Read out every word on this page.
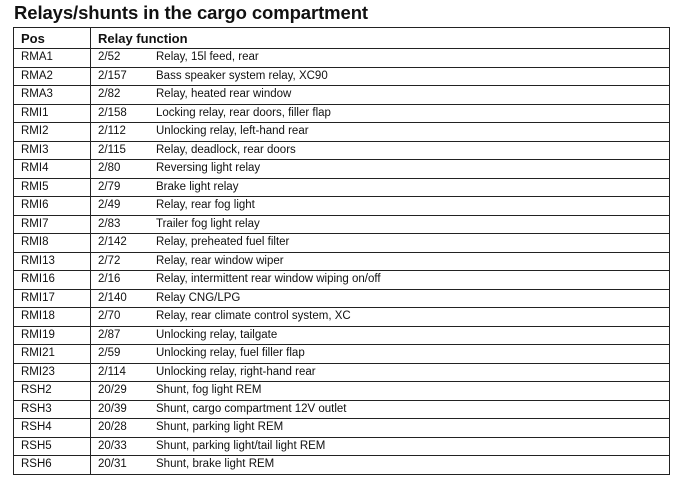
Relays/shunts in the cargo compartment
Pos	Relay function
RMA1	2/52 Relay, 15l feed, rear
RMA2	2/157 Bass speaker system relay, XC90
RMA3	2/82 Relay, heated rear window
RMI1	2/158 Locking relay, rear doors, filler flap
RMI2	2/112 Unlocking relay, left-hand rear
RMI3	2/115 Relay, deadlock, rear doors
RMI4	2/80 Reversing light relay
RMI5	2/79 Brake light relay
RMI6	2/49 Relay, rear fog light
RMI7	2/83 Trailer fog light relay
RMI8	2/142 Relay, preheated fuel filter
RMI13	2/72 Relay, rear window wiper
RMI16	2/16 Relay, intermittent rear window wiping on/off
RMI17	2/140 Relay CNG/LPG
RMI18	2/70 Relay, rear climate control system, XC
RMI19	2/87 Unlocking relay, tailgate
RMI21	2/59 Unlocking relay, fuel filler flap
RMI23	2/114 Unlocking relay, right-hand rear
RSH2	20/29 Shunt, fog light REM
RSH3	20/39 Shunt, cargo compartment 12V outlet
RSH4	20/28 Shunt, parking light REM
RSH5	20/33 Shunt, parking light/tail light REM
RSH6	20/31 Shunt, brake light REM
